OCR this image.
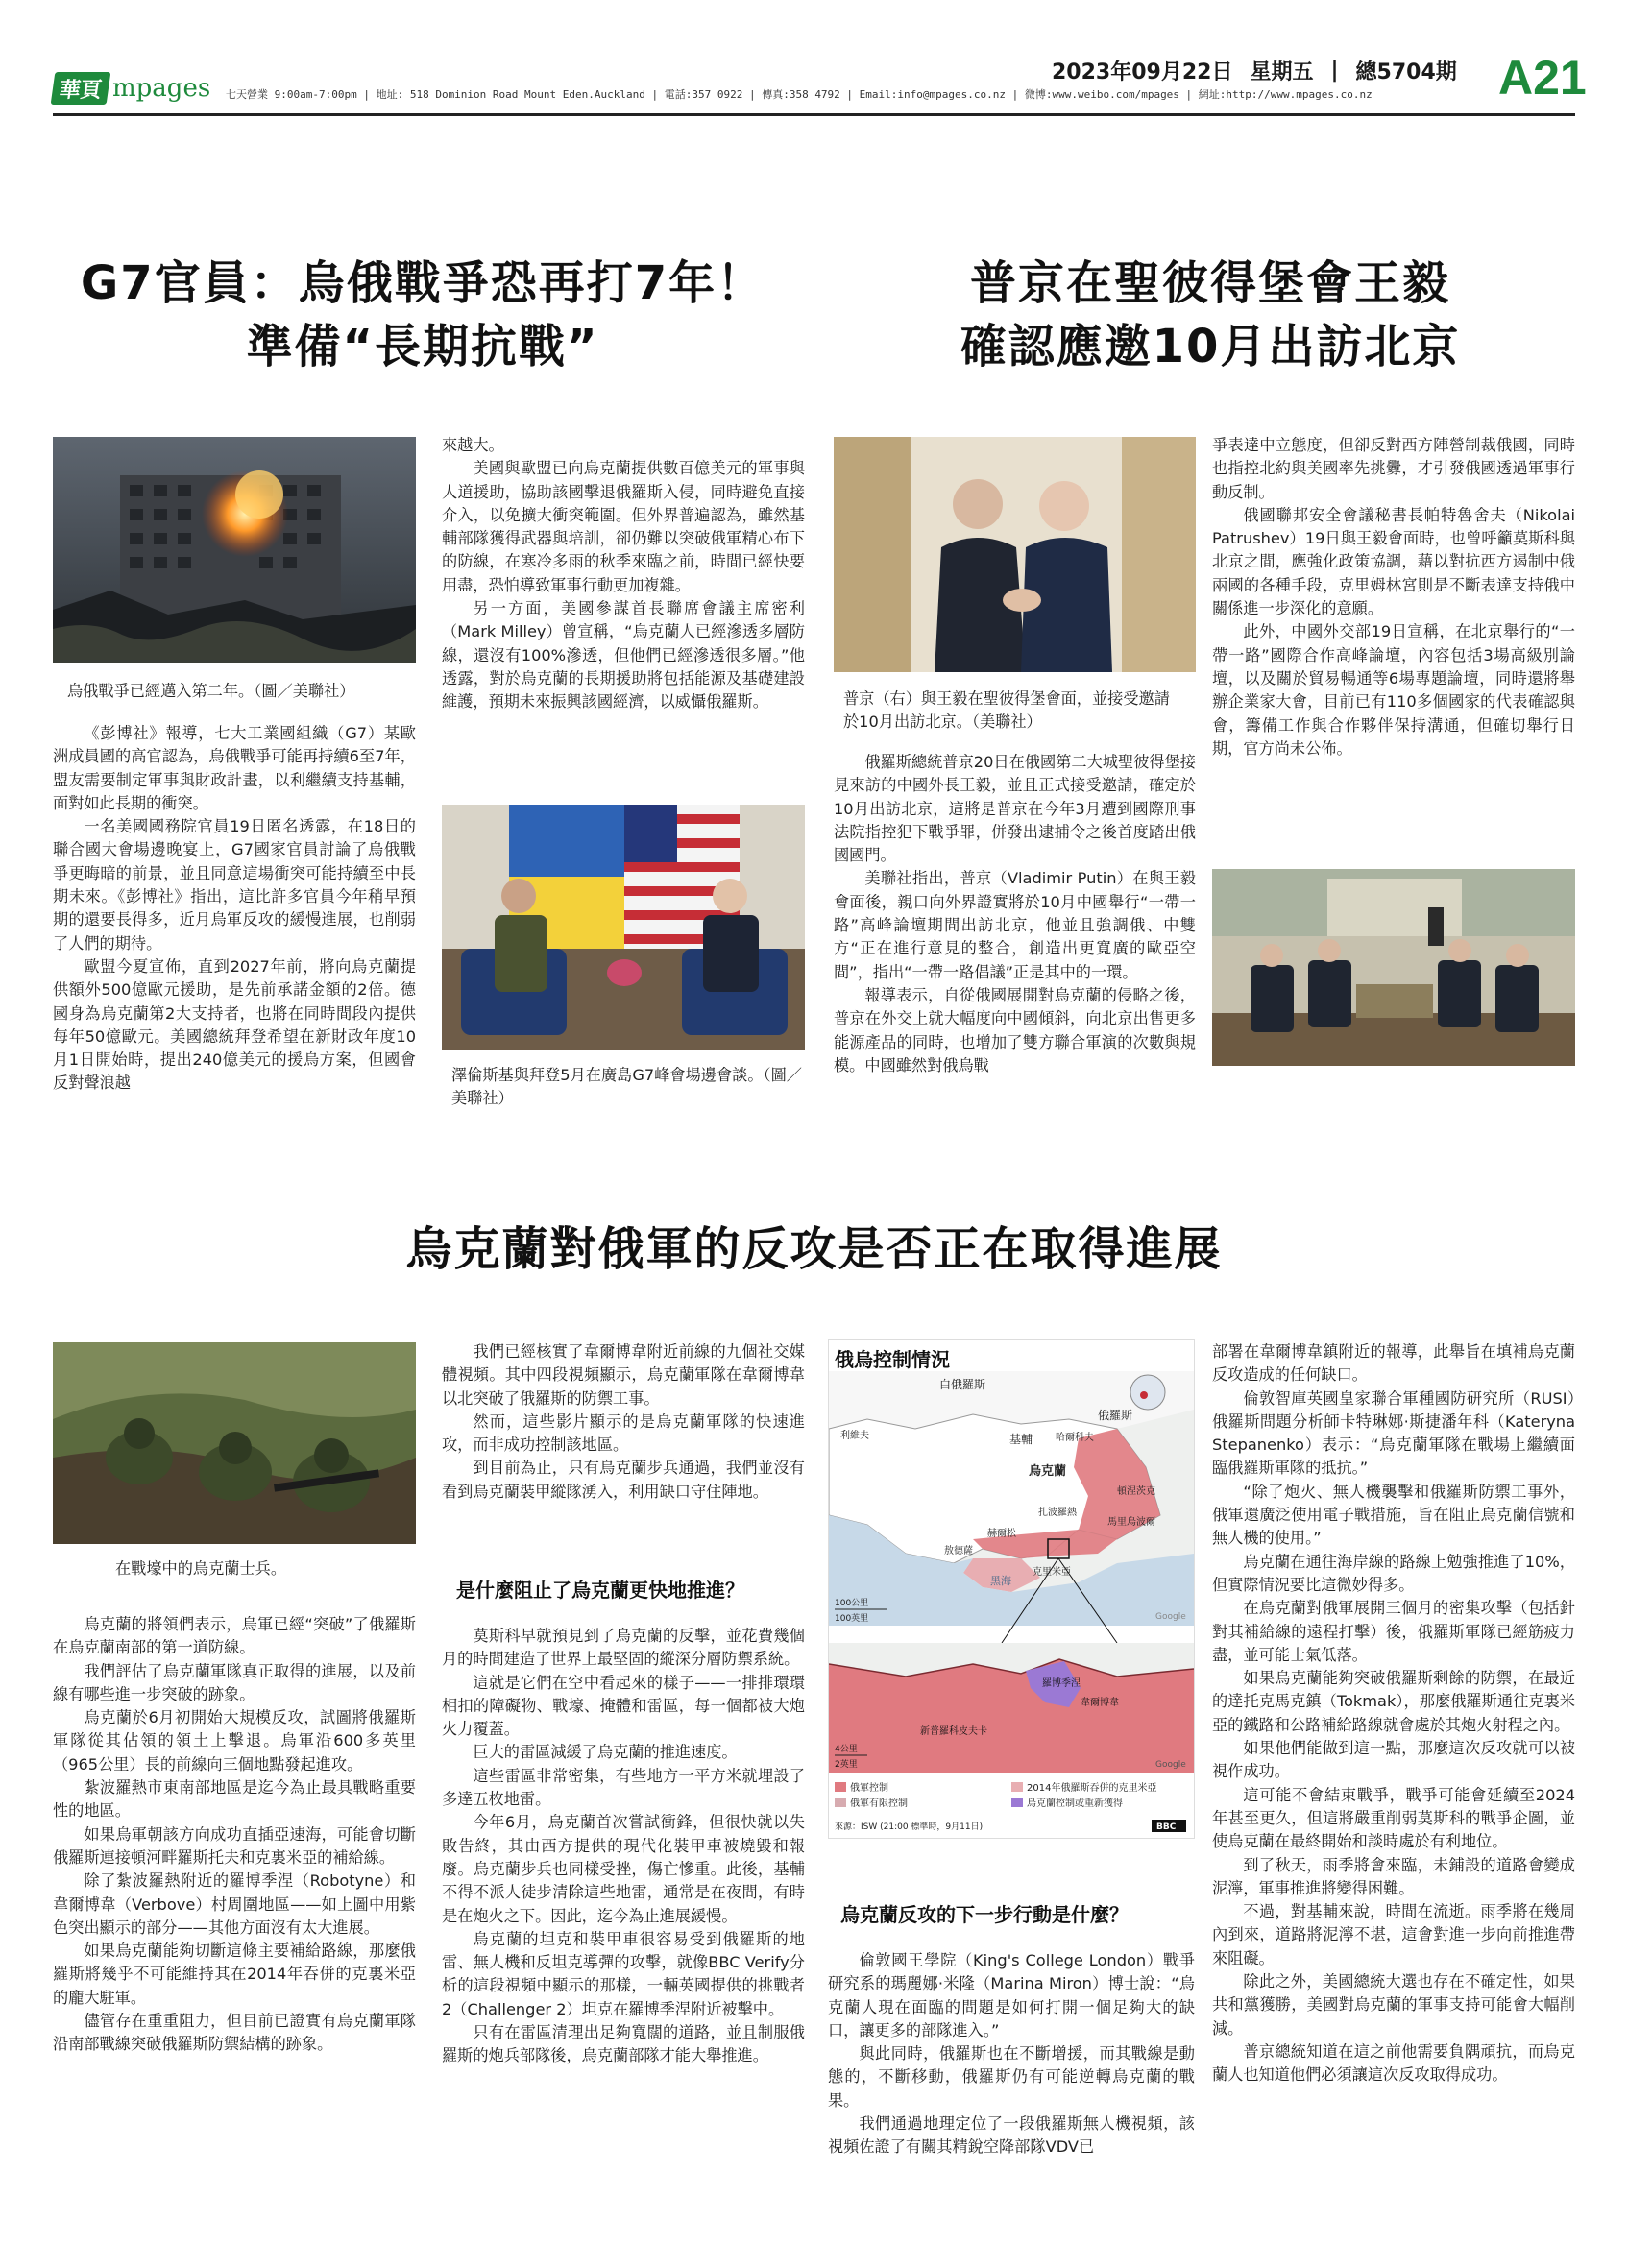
華頁 mpages 七天營業 9:00am-7:00pm | 地址: 518 Dominion Road Mount Eden.Auckland | 電話:357 0922 | 傳真:358 4792 | Email:info@mpages.co.nz | 微博:www.weibo.com/mpages | 網址:http://www.mpages.co.nz
2023年09月22日 星期五 | 總5704期 A21
G7官員：烏俄戰爭恐再打7年！
準備“長期抗戰”
烏俄戰爭已經邁入第二年。（圖／美聯社）

《彭博社》報導，七大工業國組織（G7）某歐洲成員國的高官認為，烏俄戰爭可能再持續6至7年，盟友需要制定軍事與財政計畫，以利繼續支持基輔，面對如此長期的衝突。

一名美國國務院官員19日匿名透露，在18日的聯合國大會場邊晚宴上，G7國家官員討論了烏俄戰爭更晦暗的前景，並且同意這場衝突可能持續至中長期未來。《彭博社》指出，這比許多官員今年稍早預期的還要長得多，近月烏軍反攻的緩慢進展，也削弱了人們的期待。

歐盟今夏宣佈，直到2027年前，將向烏克蘭提供額外500億歐元援助，是先前承諾金額的2倍。德國身為烏克蘭第2大支持者，也將在同時間段內提供每年50億歐元。美國總統拜登希望在新財政年度10月1日開始時，提出240億美元的援烏方案，但國會反對聲浪越

來越大。

美國與歐盟已向烏克蘭提供數百億美元的軍事與人道援助，協助該國擊退俄羅斯入侵，同時避免直接介入，以免擴大衝突範圍。但外界普遍認為，雖然基輔部隊獲得武器與培訓，卻仍難以突破俄軍精心布下的防線，在寒冷多雨的秋季來臨之前，時間已經快要用盡，恐怕導致軍事行動更加複雜。

另一方面，美國參謀首長聯席會議主席密利（Mark Milley）曾宣稱，“烏克蘭人已經滲透多層防線，還沒有100%滲透，但他們已經滲透很多層。”他透露，對於烏克蘭的長期援助將包括能源及基礎建設維護，預期未來振興該國經濟，以威懾俄羅斯。

澤倫斯基與拜登5月在廣島G7峰會場邊會談。（圖／美聯社）
普京在聖彼得堡會王毅
確認應邀10月出訪北京
普京（右）與王毅在聖彼得堡會面，並接受邀請於10月出訪北京。（美聯社）

俄羅斯總統普京20日在俄國第二大城聖彼得堡接見來訪的中國外長王毅，並且正式接受邀請，確定於10月出訪北京，這將是普京在今年3月遭到國際刑事法院指控犯下戰爭罪，併發出逮捕令之後首度踏出俄國國門。

美聯社指出，普京（Vladimir Putin）在與王毅會面後，親口向外界證實將於10月中國舉行“一帶一路”高峰論壇期間出訪北京，他並且強調俄、中雙方“正在進行意見的整合，創造出更寬廣的歐亞空間”，指出“一帶一路倡議”正是其中的一環。

報導表示，自從俄國展開對烏克蘭的侵略之後，普京在外交上就大幅度向中國傾斜，向北京出售更多能源產品的同時，也增加了雙方聯合軍演的次數與規模。中國雖然對俄烏戰

爭表達中立態度，但卻反對西方陣營制裁俄國，同時也指控北約與美國率先挑釁，才引發俄國透過軍事行動反制。

俄國聯邦安全會議秘書長帕特魯舍夫（Nikolai Patrushev）19日與王毅會面時，也曾呼籲莫斯科與北京之間，應強化政策協調，藉以對抗西方遏制中俄兩國的各種手段，克里姆林宮則是不斷表達支持俄中關係進一步深化的意願。

此外，中國外交部19日宣稱，在北京舉行的“一帶一路”國際合作高峰論壇，內容包括3場高級別論壇，以及關於貿易暢通等6場專題論壇，同時還將舉辦企業家大會，目前已有110多個國家的代表確認與會，籌備工作與合作夥伴保持溝通，但確切舉行日期，官方尚未公佈。

烏克蘭對俄軍的反攻是否正在取得進展
在戰壕中的烏克蘭士兵。

烏克蘭的將領們表示，烏軍已經“突破”了俄羅斯在烏克蘭南部的第一道防線。

我們評估了烏克蘭軍隊真正取得的進展，以及前線有哪些進一步突破的跡象。

烏克蘭於6月初開始大規模反攻，試圖將俄羅斯軍隊從其佔領的領土上擊退。烏軍沿600多英里（965公里）長的前線向三個地點發起進攻。

紮波羅熱市東南部地區是迄今為止最具戰略重要性的地區。

如果烏軍朝該方向成功直插亞速海，可能會切斷俄羅斯連接頓河畔羅斯托夫和克裏米亞的補給線。

除了紮波羅熱附近的羅博季涅（Robotyne）和韋爾博韋（Verbove）村周圍地區——如上圖中用紫色突出顯示的部分——其他方面沒有太大進展。

如果烏克蘭能夠切斷這條主要補給路線，那麼俄羅斯將幾乎不可能維持其在2014年吞併的克裏米亞的龐大駐軍。

儘管存在重重阻力，但目前已證實有烏克蘭軍隊沿南部戰線突破俄羅斯防禦結構的跡象。

我們已經核實了韋爾博韋附近前線的九個社交媒體視頻。其中四段視頻顯示，烏克蘭軍隊在韋爾博韋以北突破了俄羅斯的防禦工事。

然而，這些影片顯示的是烏克蘭軍隊的快速進攻，而非成功控制該地區。

到目前為止，只有烏克蘭步兵通過，我們並沒有看到烏克蘭裝甲縱隊湧入，利用缺口守住陣地。

是什麼阻止了烏克蘭更快地推進？

莫斯科早就預見到了烏克蘭的反擊，並花費幾個月的時間建造了世界上最堅固的縱深分層防禦系統。

這就是它們在空中看起來的樣子——一排排環環相扣的障礙物、戰壕、掩體和雷區，每一個都被大炮火力覆蓋。

巨大的雷區減緩了烏克蘭的推進速度。

這些雷區非常密集，有些地方一平方米就埋設了多達五枚地雷。

今年6月，烏克蘭首次嘗試衝鋒，但很快就以失敗告終，其由西方提供的現代化裝甲車被燒毀和報廢。烏克蘭步兵也同樣受挫，傷亡慘重。此後，基輔不得不派人徒步清除這些地雷，通常是在夜間，有時是在炮火之下。因此，迄今為止進展緩慢。

烏克蘭的坦克和裝甲車很容易受到俄羅斯的地雷、無人機和反坦克導彈的攻擊，就像BBC Verify分析的這段視頻中顯示的那樣，一輛英國提供的挑戰者2（Challenger 2）坦克在羅博季涅附近被擊中。

只有在雷區清理出足夠寬闊的道路，並且制服俄羅斯的炮兵部隊後，烏克蘭部隊才能大舉推進。

俄烏控制情況
白俄羅斯
俄羅斯
基輔 哈爾科夫
烏克蘭
利維夫
扎波羅熱
頓涅茨克
赫爾松
敖德薩
馬里烏波爾
黑海
克里米亞
100公里
100英里	Google
羅博季涅
韋爾博韋
新普羅科皮夫卡
4公里
2英里	Google
俄軍控制	2014年俄羅斯吞併的克里米亞
俄軍有限控制	烏克蘭控制或重新獲得
來源：ISW (21:00 標準時，9月11日)	BBC
烏克蘭反攻的下一步行動是什麼？

倫敦國王學院（King's College London）戰爭研究系的瑪麗娜·米隆（Marina Miron）博士說：“烏克蘭人現在面臨的問題是如何打開一個足夠大的缺口，讓更多的部隊進入。”

與此同時，俄羅斯也在不斷增援，而其戰線是動態的，不斷移動，俄羅斯仍有可能逆轉烏克蘭的戰果。

我們通過地理定位了一段俄羅斯無人機視頻，該視頻佐證了有關其精銳空降部隊VDV已

部署在韋爾博韋鎮附近的報導，此舉旨在填補烏克蘭反攻造成的任何缺口。

倫敦智庫英國皇家聯合軍種國防研究所（RUSI）俄羅斯問題分析師卡特琳娜·斯捷潘年科（Kateryna Stepanenko）表示：“烏克蘭軍隊在戰場上繼續面臨俄羅斯軍隊的抵抗。”

“除了炮火、無人機襲擊和俄羅斯防禦工事外，俄軍還廣泛使用電子戰措施，旨在阻止烏克蘭信號和無人機的使用。”

烏克蘭在通往海岸線的路線上勉強推進了10%，但實際情況要比這微妙得多。

在烏克蘭對俄軍展開三個月的密集攻擊（包括針對其補給線的遠程打擊）後，俄羅斯軍隊已經筋疲力盡，並可能士氣低落。

如果烏克蘭能夠突破俄羅斯剩餘的防禦，在最近的達托克馬克鎮（Tokmak），那麼俄羅斯通往克裏米亞的鐵路和公路補給路線就會處於其炮火射程之內。

如果他們能做到這一點，那麼這次反攻就可以被視作成功。

這可能不會結束戰爭，戰爭可能會延續至2024年甚至更久，但這將嚴重削弱莫斯科的戰爭企圖，並使烏克蘭在最終開始和談時處於有利地位。

到了秋天，雨季將會來臨，未鋪設的道路會變成泥濘，軍事推進將變得困難。

不過，對基輔來說，時間在流逝。雨季將在幾周內到來，道路將泥濘不堪，這會對進一步向前推進帶來阻礙。

除此之外，美國總統大選也存在不確定性，如果共和黨獲勝，美國對烏克蘭的軍事支持可能會大幅削減。

普京總統知道在這之前他需要負隅頑抗，而烏克蘭人也知道他們必須讓這次反攻取得成功。
